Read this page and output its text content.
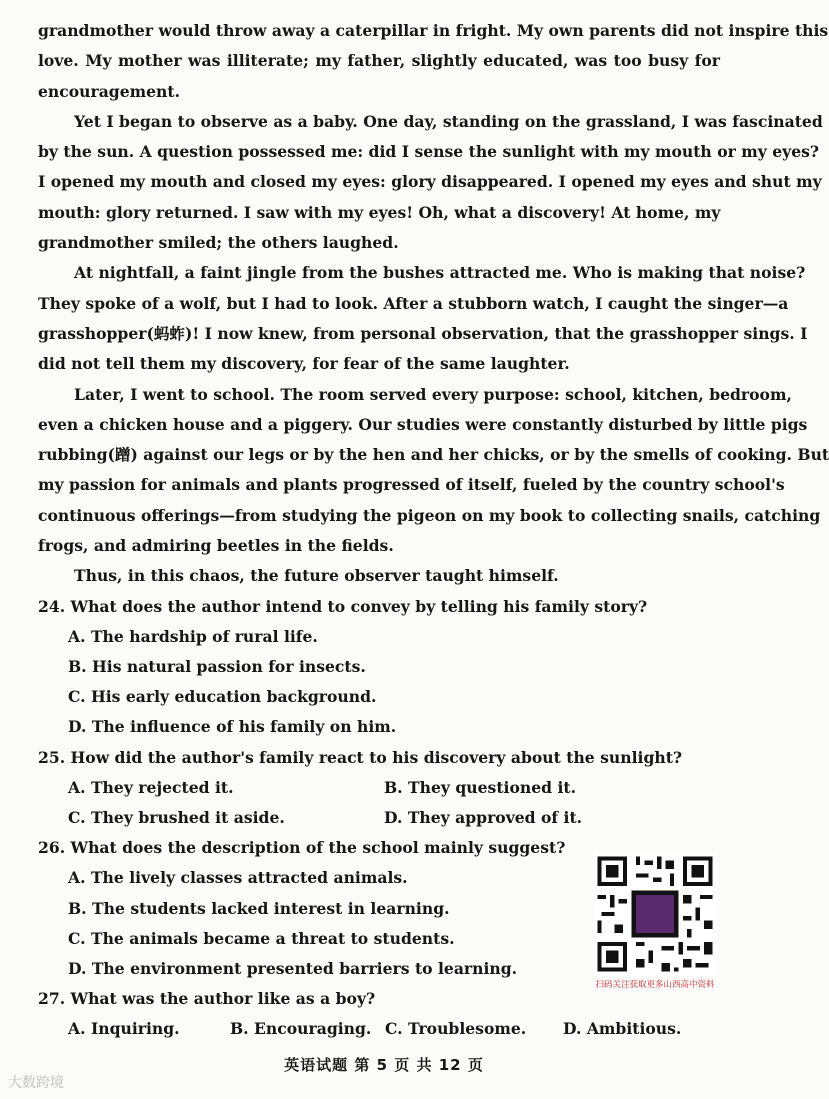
grandmother would throw away a caterpillar in fright. My own parents did not inspire this

love. My mother was illiterate; my father, slightly educated, was too busy for

encouragement.

Yet I began to observe as a baby. One day, standing on the grassland, I was fascinated

by the sun. A question possessed me: did I sense the sunlight with my mouth or my eyes?

I opened my mouth and closed my eyes: glory disappeared. I opened my eyes and shut my

mouth: glory returned. I saw with my eyes! Oh, what a discovery! At home, my

grandmother smiled; the others laughed.

At nightfall, a faint jingle from the bushes attracted me. Who is making that noise?

They spoke of a wolf, but I had to look. After a stubborn watch, I caught the singer—a

grasshopper(蚂蚱)! I now knew, from personal observation, that the grasshopper sings. I

did not tell them my discovery, for fear of the same laughter.

Later, I went to school. The room served every purpose: school, kitchen, bedroom,

even a chicken house and a piggery. Our studies were constantly disturbed by little pigs

rubbing(蹭) against our legs or by the hen and her chicks, or by the smells of cooking. But

my passion for animals and plants progressed of itself, fueled by the country school's

continuous offerings—from studying the pigeon on my book to collecting snails, catching

frogs, and admiring beetles in the fields.

Thus, in this chaos, the future observer taught himself.

24. What does the author intend to convey by telling his family story?

A. The hardship of rural life.

B. His natural passion for insects.

C. His early education background.

D. The influence of his family on him.

25. How did the author's family react to his discovery about the sunlight?

A. They rejected it.	B. They questioned it.
C. They brushed it aside.	D. They approved of it.

26. What does the description of the school mainly suggest?

A. The lively classes attracted animals.

B. The students lacked interest in learning.

C. The animals became a threat to students.

D. The environment presented barriers to learning.

27. What was the author like as a boy?

A. Inquiring.	B. Encouraging. C. Troublesome.	D. Ambitious.
扫码关注获取更多山西高中资料
英语试题 第 5 页 共 12 页
大数跨境
